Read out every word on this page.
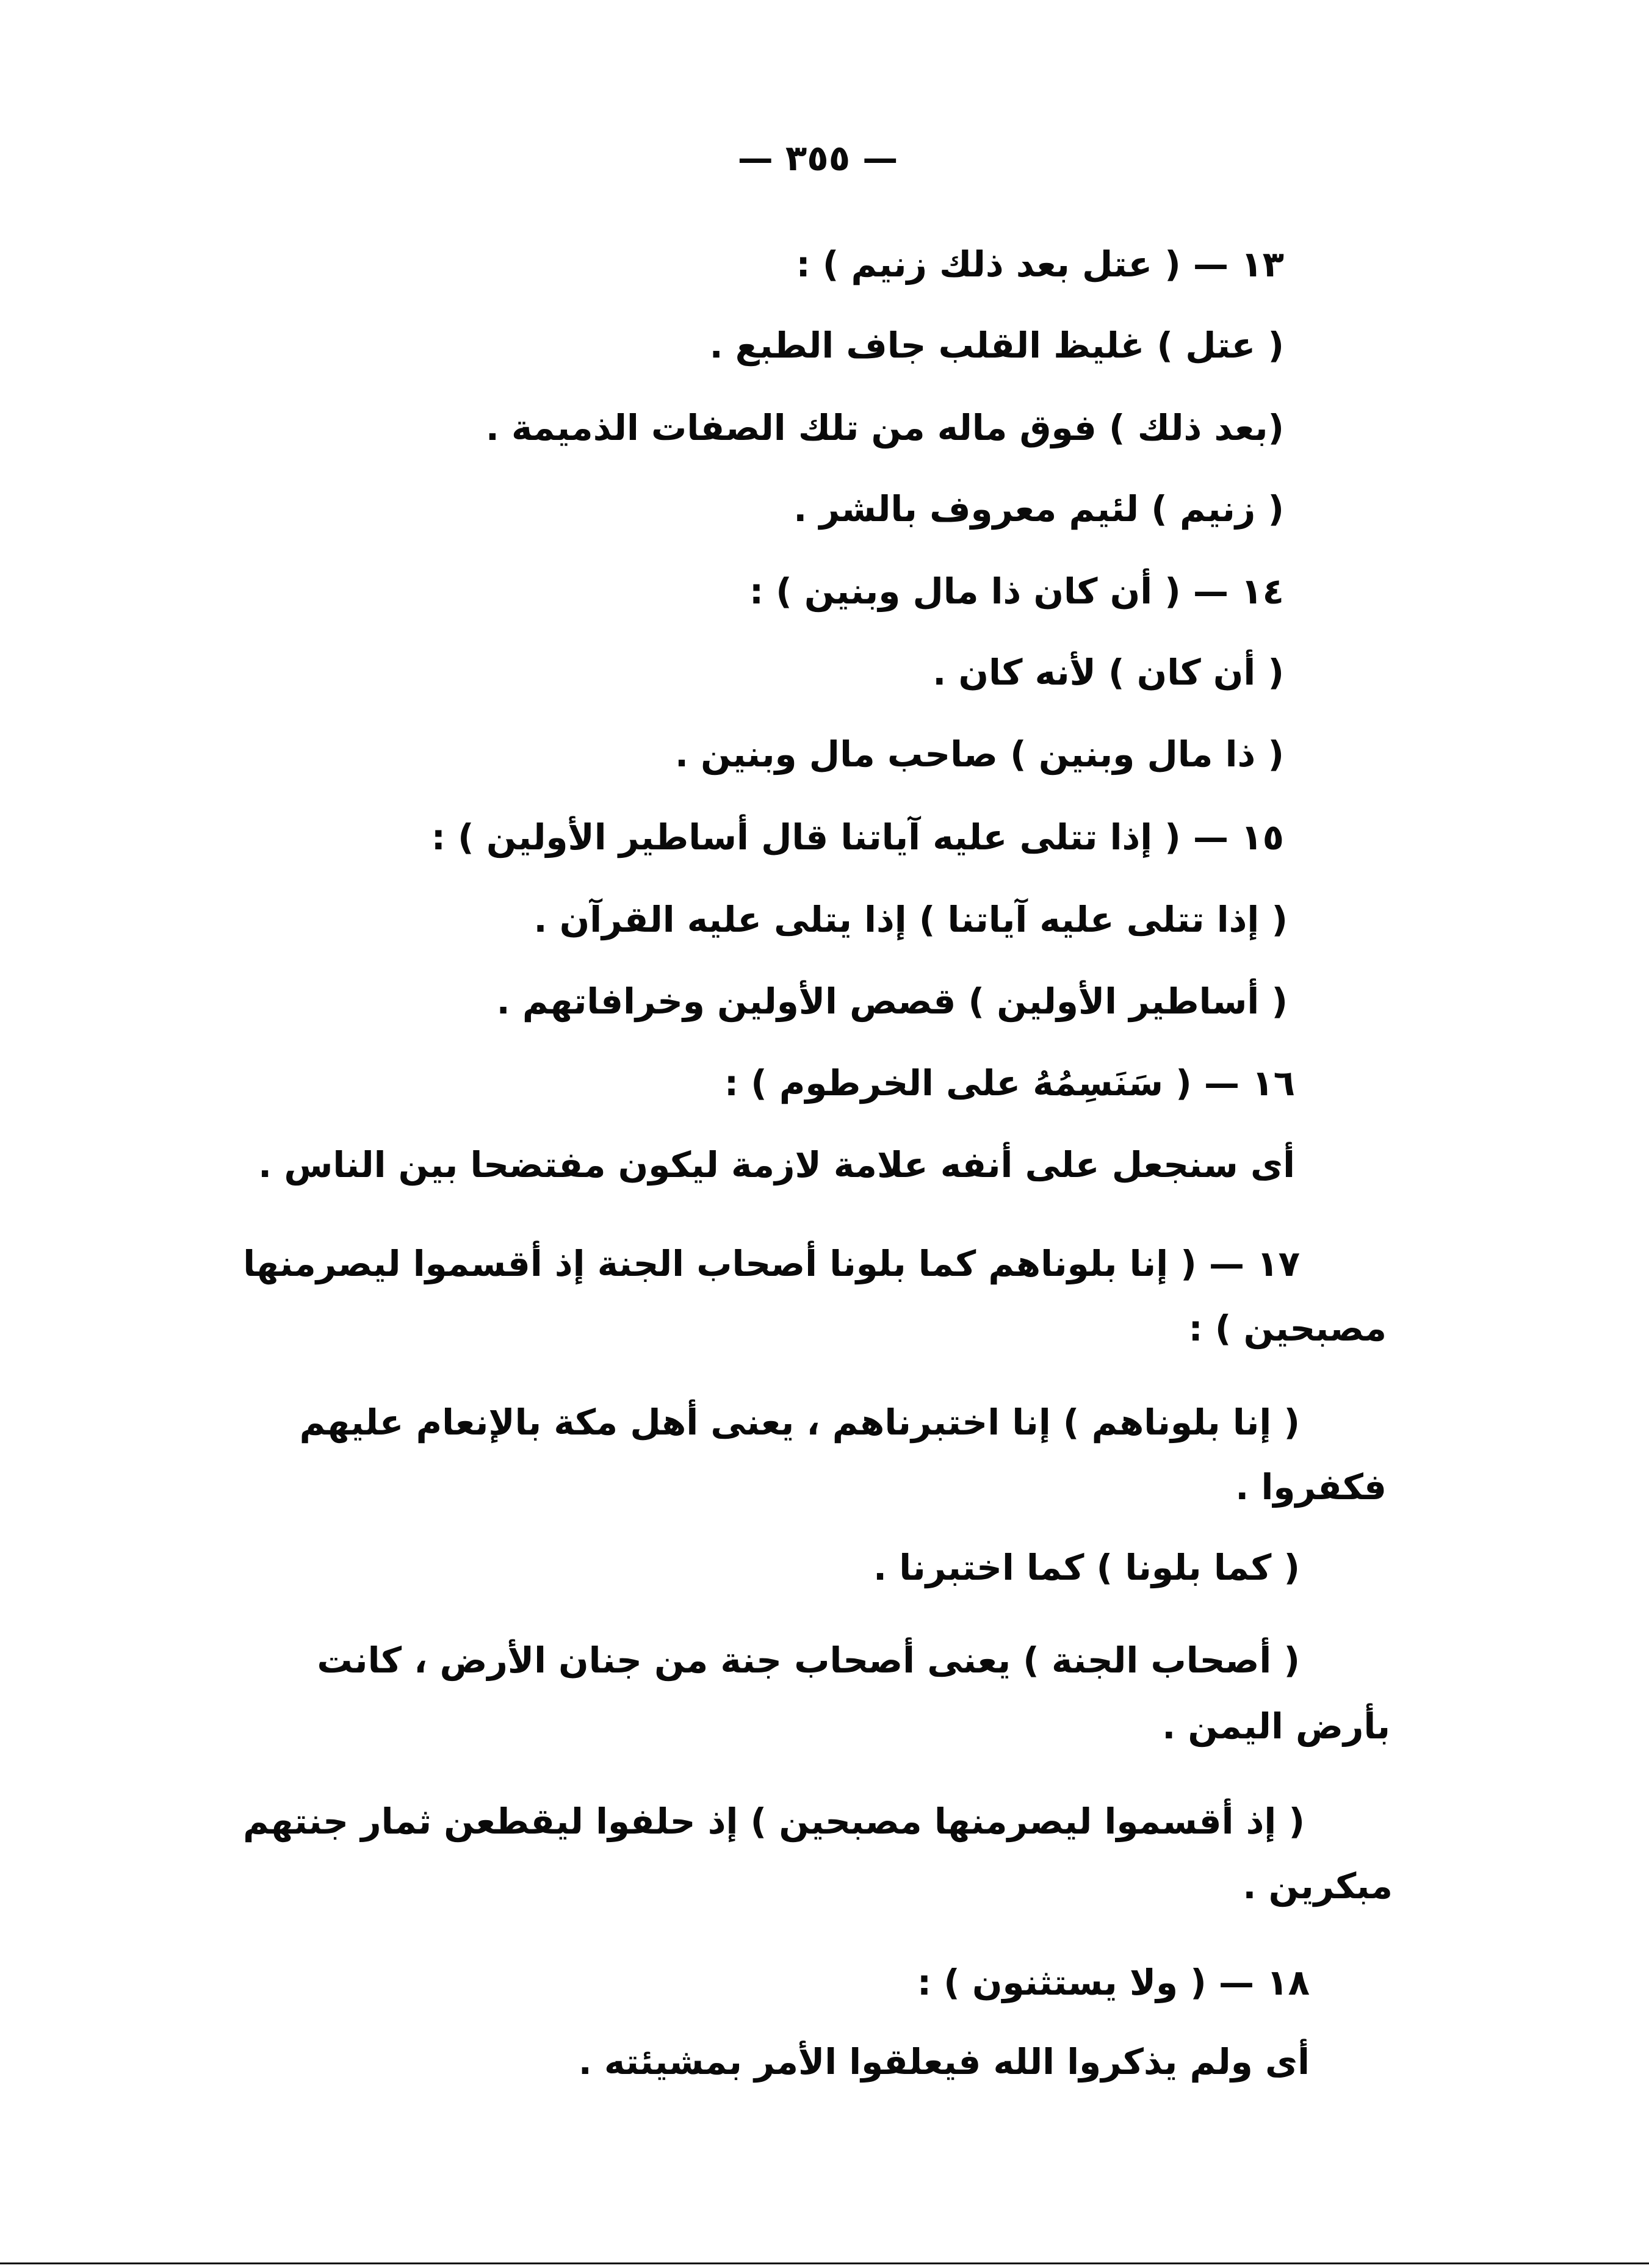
— ٣٥٥ —
١٣ — ( عتل بعد ذلك زنيم ) :
( عتل ) غليظ القلب جاف الطبع .
(بعد ذلك ) فوق ماله من تلك الصفات الذميمة .
( زنيم ) لئيم معروف بالشر .
١٤ — ( أن كان ذا مال وبنين ) :
( أن كان ) لأنه كان .
( ذا مال وبنين ) صاحب مال وبنين .
١٥ — ( إذا تتلى عليه آياتنا قال أساطير الأولين ) :
( إذا تتلى عليه آياتنا ) إذا يتلى عليه القرآن .
( أساطير الأولين ) قصص الأولين وخرافاتهم .
١٦ — ( سَنَسِمُهُ على الخرطوم ) :
أى سنجعل على أنفه علامة لازمة ليكون مفتضحا بين الناس .
١٧ — ( إنا بلوناهم كما بلونا أصحاب الجنة إذ أقسموا ليصرمنها
مصبحين ) :
( إنا بلوناهم ) إنا اختبرناهم ، يعنى أهل مكة بالإنعام عليهم
فكفروا .
( كما بلونا ) كما اختبرنا .
( أصحاب الجنة ) يعنى أصحاب جنة من جنان الأرض ، كانت
بأرض اليمن .
( إذ أقسموا ليصرمنها مصبحين ) إذ حلفوا ليقطعن ثمار جنتهم
مبكرين .
١٨ — ( ولا يستثنون ) :
أى ولم يذكروا الله فيعلقوا الأمر بمشيئته .
